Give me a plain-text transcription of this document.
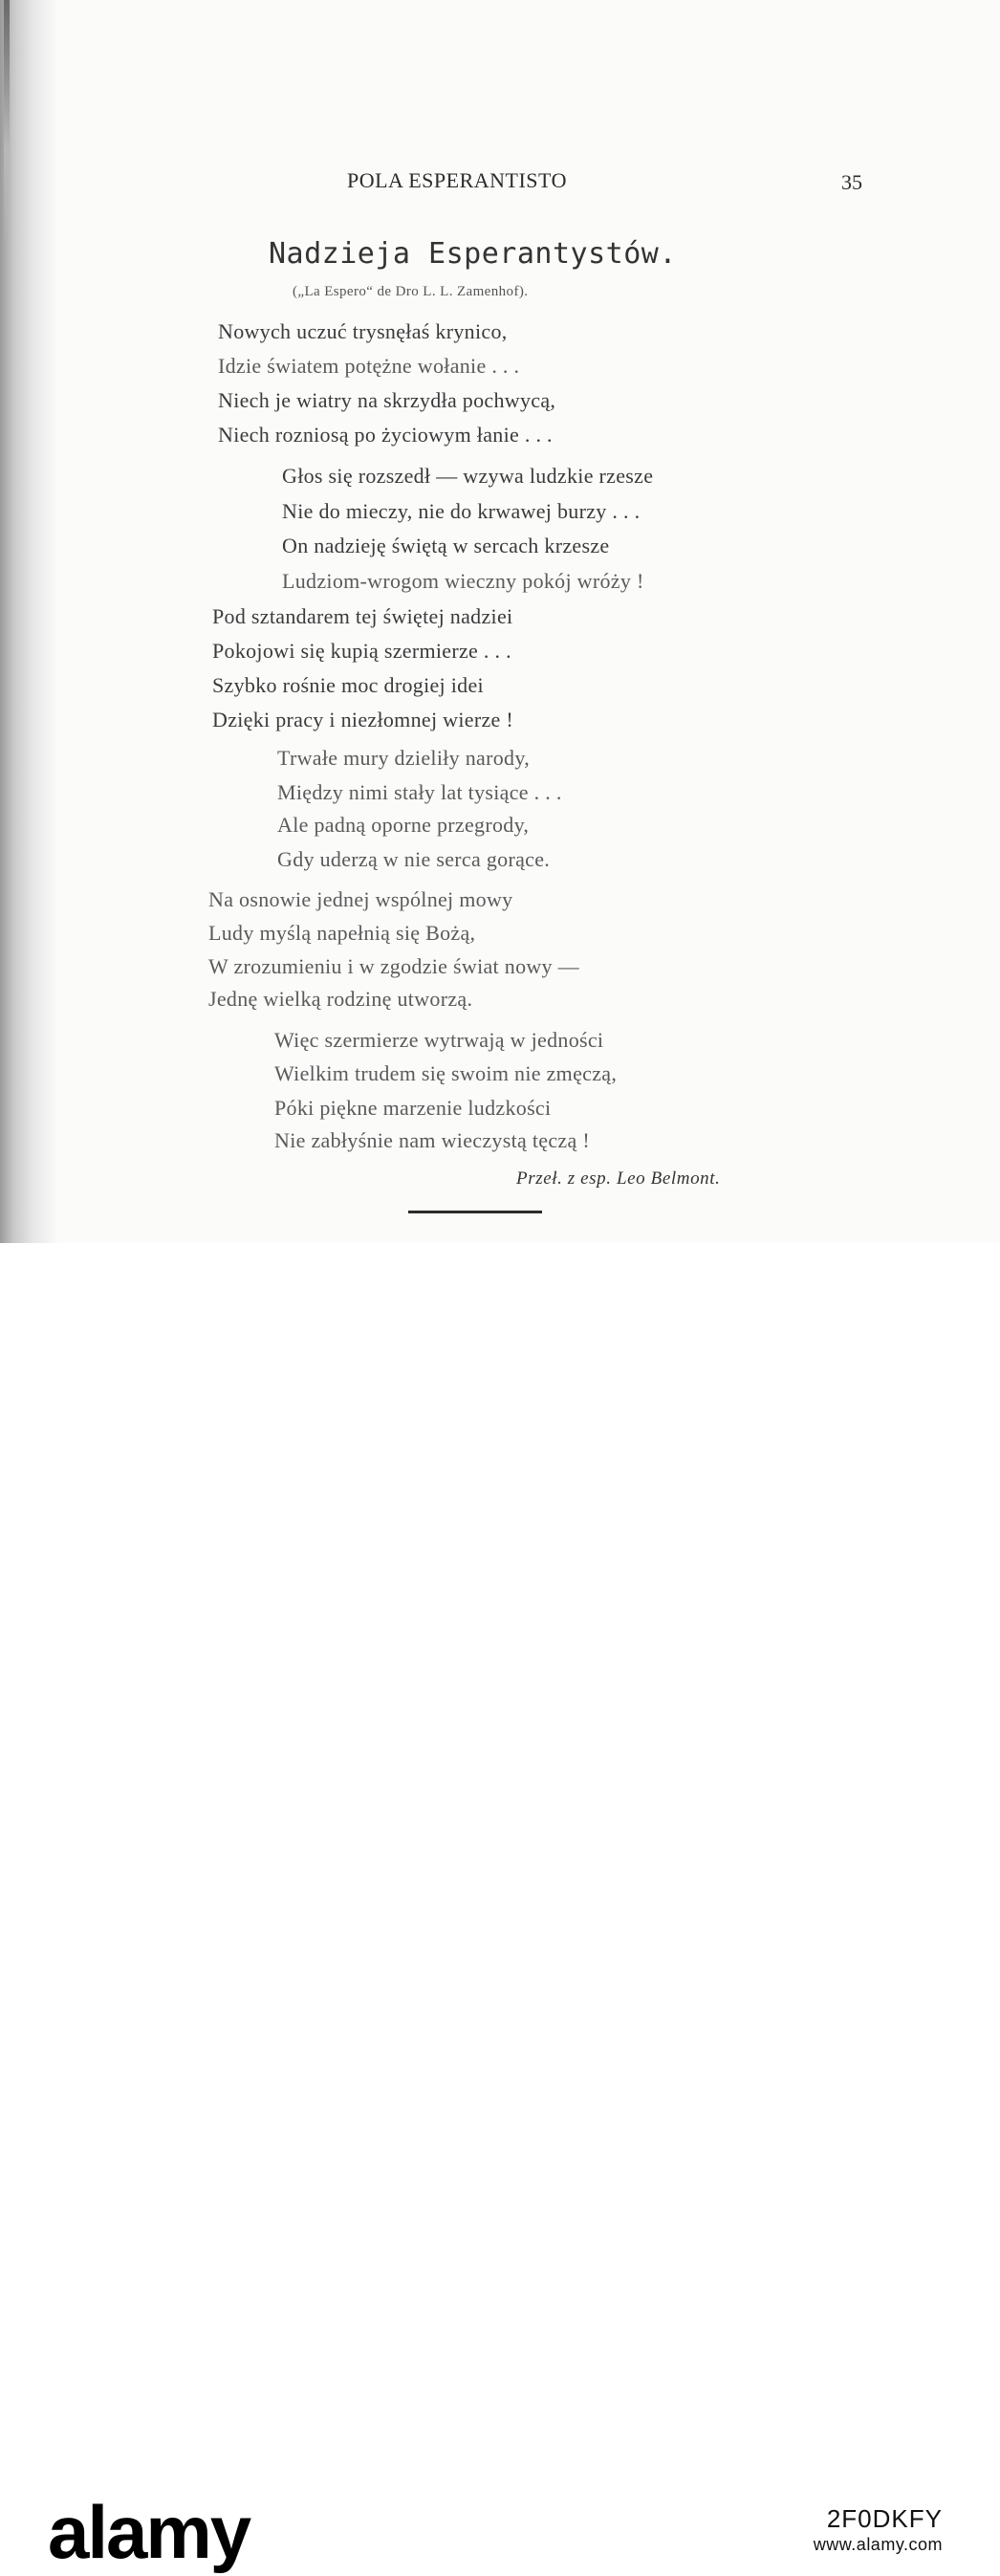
POLA ESPERANTISTO	35
Nadzieja Esperantystów.
(„La Espero“ de Dro L. L. Zamenhof).
Nowych uczuć trysnęłaś krynico,
Idzie światem potężne wołanie . . .
Niech je wiatry na skrzydła pochwycą,
Niech rozniosą po życiowym łanie . . .
Głos się rozszedł — wzywa ludzkie rzesze
Nie do mieczy, nie do krwawej burzy . . .
On nadzieję świętą w sercach krzesze
Ludziom-wrogom wieczny pokój wróży !
Pod sztandarem tej świętej nadziei
Pokojowi się kupią szermierze . . .
Szybko rośnie moc drogiej idei
Dzięki pracy i niezłomnej wierze !
Trwałe mury dzieliły narody,
Między nimi stały lat tysiące . . .
Ale padną oporne przegrody,
Gdy uderzą w nie serca gorące.
Na osnowie jednej wspólnej mowy
Ludy myślą napełnią się Bożą,
W zrozumieniu i w zgodzie świat nowy —
Jednę wielką rodzinę utworzą.
Więc szermierze wytrwają w jedności
Wielkim trudem się swoim nie zmęczą,
Póki piękne marzenie ludzkości
Nie zabłyśnie nam wieczystą tęczą !
Przeł. z esp. Leo Belmont.
alamy	2F0DKFY
www.alamy.com
